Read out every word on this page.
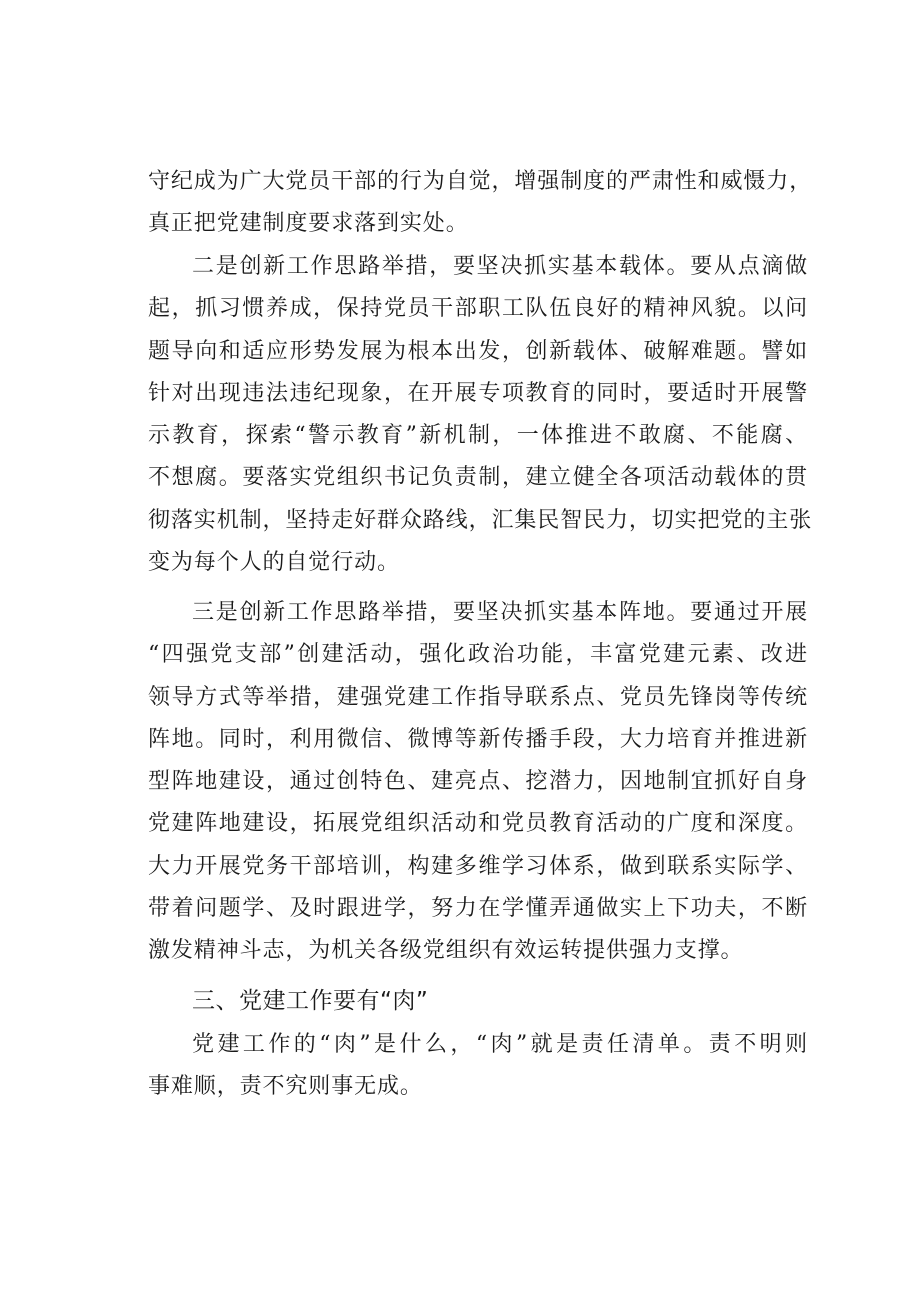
守纪成为广大党员干部的行为自觉，增强制度的严肃性和威慑力，
真正把党建制度要求落到实处。
二是创新工作思路举措，要坚决抓实基本载体。要从点滴做
起，抓习惯养成，保持党员干部职工队伍良好的精神风貌。以问
题导向和适应形势发展为根本出发，创新载体、破解难题。譬如
针对出现违法违纪现象，在开展专项教育的同时，要适时开展警
示教育，探索“警示教育”新机制，一体推进不敢腐、不能腐、
不想腐。要落实党组织书记负责制，建立健全各项活动载体的贯
彻落实机制，坚持走好群众路线，汇集民智民力，切实把党的主张
变为每个人的自觉行动。
三是创新工作思路举措，要坚决抓实基本阵地。要通过开展
“四强党支部”创建活动，强化政治功能，丰富党建元素、改进
领导方式等举措，建强党建工作指导联系点、党员先锋岗等传统
阵地。同时，利用微信、微博等新传播手段，大力培育并推进新
型阵地建设，通过创特色、建亮点、挖潜力，因地制宜抓好自身
党建阵地建设，拓展党组织活动和党员教育活动的广度和深度。
大力开展党务干部培训，构建多维学习体系，做到联系实际学、
带着问题学、及时跟进学，努力在学懂弄通做实上下功夫，不断
激发精神斗志，为机关各级党组织有效运转提供强力支撑。
三、党建工作要有“肉”
党建工作的“肉”是什么，“肉”就是责任清单。责不明则
事难顺，责不究则事无成。
